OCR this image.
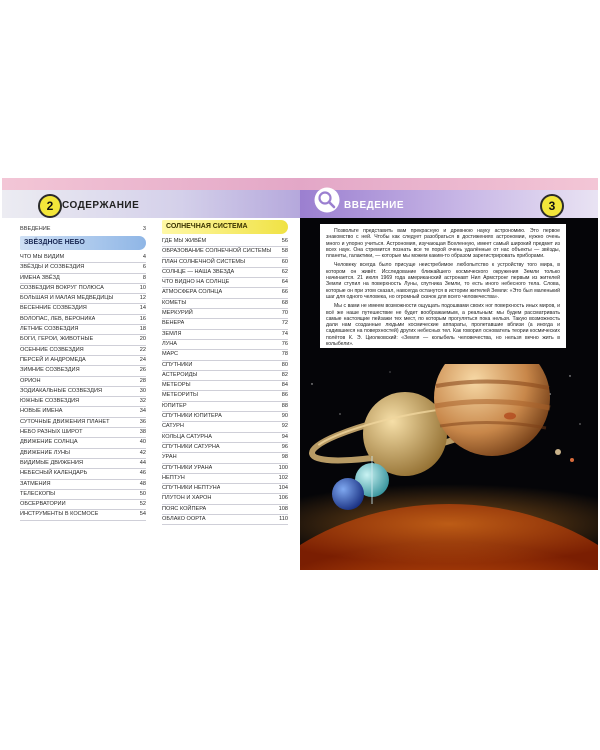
2 СОДЕРЖАНИЕ
ВВЕДЕНИЕ	3
ЗВЁЗДНОЕ НЕБО
ЧТО МЫ ВИДИМ	4
ЗВЁЗДЫ И СОЗВЕЗДИЯ	6
ИМЕНА ЗВЁЗД	8
СОЗВЕЗДИЯ ВОКРУГ ПОЛЮСА	10
БОЛЬШАЯ И МАЛАЯ МЕДВЕДИЦЫ	12
ВЕСЕННИЕ СОЗВЕЗДИЯ	14
ВОЛОПАС, ЛЕВ, ВЕРОНИКА	16
ЛЕТНИЕ СОЗВЕЗДИЯ	18
БОГИ, ГЕРОИ, ЖИВОТНЫЕ	20
ОСЕННИЕ СОЗВЕЗДИЯ	22
ПЕРСЕЙ И АНДРОМЕДА	24
ЗИМНИЕ СОЗВЕЗДИЯ	26
ОРИОН	28
ЗОДИАКАЛЬНЫЕ СОЗВЕЗДИЯ	30
ЮЖНЫЕ СОЗВЕЗДИЯ	32
НОВЫЕ ИМЕНА	34
СУТОЧНЫЕ ДВИЖЕНИЯ ПЛАНЕТ	36
НЕБО РАЗНЫХ ШИРОТ	38
ДВИЖЕНИЕ СОЛНЦА	40
ДВИЖЕНИЕ ЛУНЫ	42
ВИДИМЫЕ ДВИЖЕНИЯ	44
НЕБЕСНЫЙ КАЛЕНДАРЬ	46
ЗАТМЕНИЯ	48
ТЕЛЕСКОПЫ	50
ОБСЕРВАТОРИИ	52
ИНСТРУМЕНТЫ В КОСМОСЕ	54
СОЛНЕЧНАЯ СИСТЕМА
ГДЕ МЫ ЖИВЁМ	56
ОБРАЗОВАНИЕ СОЛНЕЧНОЙ СИСТЕМЫ 58
ПЛАН СОЛНЕЧНОЙ СИСТЕМЫ	60
СОЛНЦЕ — НАША ЗВЕЗДА	62
ЧТО ВИДНО НА СОЛНЦЕ	64
АТМОСФЕРА СОЛНЦА	66
КОМЕТЫ	68
МЕРКУРИЙ	70
ВЕНЕРА	72
ЗЕМЛЯ	74
ЛУНА	76
МАРС	78
СПУТНИКИ	80
АСТЕРОИДЫ	82
МЕТЕОРЫ	84
МЕТЕОРИТЫ	86
ЮПИТЕР	88
СПУТНИКИ ЮПИТЕРА	90
САТУРН	92
КОЛЬЦА САТУРНА	94
СПУТНИКИ САТУРНА	96
УРАН	98
СПУТНИКИ УРАНА	100
НЕПТУН	102
СПУТНИКИ НЕПТУНА	104
ПЛУТОН И ХАРОН	106
ПОЯС КОЙПЕРА	108
ОБЛАКО ООРТА	110
ВВЕДЕНИЕ	3

Позвольте представить вам прекрасную и древнюю науку астрономию. Это первое знакомство с ней. Чтобы как следует разобраться в достижениях астрономии, нужно очень много и упорно учиться. Астрономия, изучающая Вселенную, имеет самый широкий предмет из всех наук. Она стремится познать все те порой очень удалённые от нас объекты — звёзды, планеты, галактики, — которые мы можем каким-то образом зарегистрировать приборами.

Человеку всегда было присуще неистребимое любопытство к устройству того мира, в котором он живёт. Исследование ближайшего космического окружения Земли только начинается. 21 июля 1969 года американский астронавт Нил Армстронг первым из жителей Земли ступил на поверхность Луны, спутника Земли, то есть иного небесного тела. Слова, которые он при этом сказал, навсегда останутся в истории жителей Земли: «Это был маленький шаг для одного человека, но огромный скачок для всего человечества».

Мы с вами не имеем возможности ощущать подошвами своих ног поверхность иных миров, и всё же наше путешествие не будет воображаемым, а реальным: мы будем рассматривать самые настоящие пейзажи тех мест, по которым прогуляться пока нельзя. Такую возможность дали нам созданные людьми космические аппараты, пролетавшие вблизи (а иногда и садившиеся на поверхностей) других небесных тел. Как говорил основатель теории космических полётов К. Э. Циолковский: «Земля — колыбель человечества, но нельзя вечно жить в колыбели».
